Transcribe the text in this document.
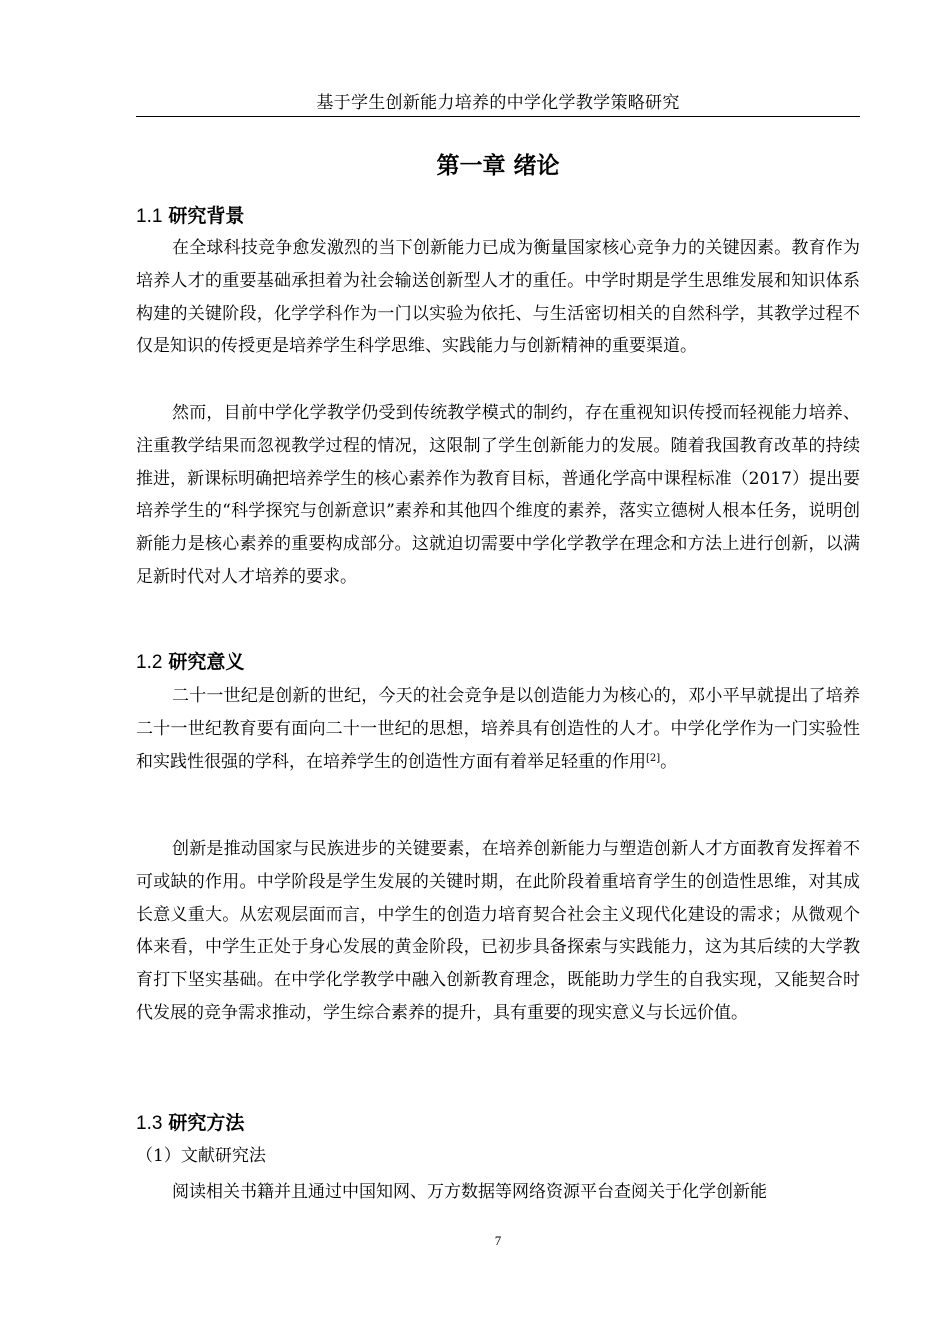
基于学生创新能力培养的中学化学教学策略研究
第一章 绪论
1.1 研究背景

在全球科技竞争愈发激烈的当下创新能力已成为衡量国家核心竞争力的关键因素。教育作为培养人才的重要基础承担着为社会输送创新型人才的重任。中学时期是学生思维发展和知识体系构建的关键阶段，化学学科作为一门以实验为依托、与生活密切相关的自然科学，其教学过程不仅是知识的传授更是培养学生科学思维、实践能力与创新精神的重要渠道。

然而，目前中学化学教学仍受到传统教学模式的制约，存在重视知识传授而轻视能力培养、注重教学结果而忽视教学过程的情况，这限制了学生创新能力的发展。随着我国教育改革的持续推进，新课标明确把培养学生的核心素养作为教育目标，普通化学高中课程标准（2017）提出要培养学生的“科学探究与创新意识”素养和其他四个维度的素养，落实立德树人根本任务，说明创新能力是核心素养的重要构成部分。这就迫切需要中学化学教学在理念和方法上进行创新，以满足新时代对人才培养的要求。

1.2 研究意义

二十一世纪是创新的世纪，今天的社会竞争是以创造能力为核心的，邓小平早就提出了培养二十一世纪教育要有面向二十一世纪的思想，培养具有创造性的人才。中学化学作为一门实验性和实践性很强的学科，在培养学生的创造性方面有着举足轻重的作用[2]。

创新是推动国家与民族进步的关键要素，在培养创新能力与塑造创新人才方面教育发挥着不可或缺的作用。中学阶段是学生发展的关键时期，在此阶段着重培育学生的创造性思维，对其成长意义重大。从宏观层面而言，中学生的创造力培育契合社会主义现代化建设的需求；从微观个体来看，中学生正处于身心发展的黄金阶段，已初步具备探索与实践能力，这为其后续的大学教育打下坚实基础。在中学化学教学中融入创新教育理念，既能助力学生的自我实现，又能契合时代发展的竞争需求推动，学生综合素养的提升，具有重要的现实意义与长远价值。

1.3 研究方法
（1）文献研究法

阅读相关书籍并且通过中国知网、万方数据等网络资源平台查阅关于化学创新能

7
